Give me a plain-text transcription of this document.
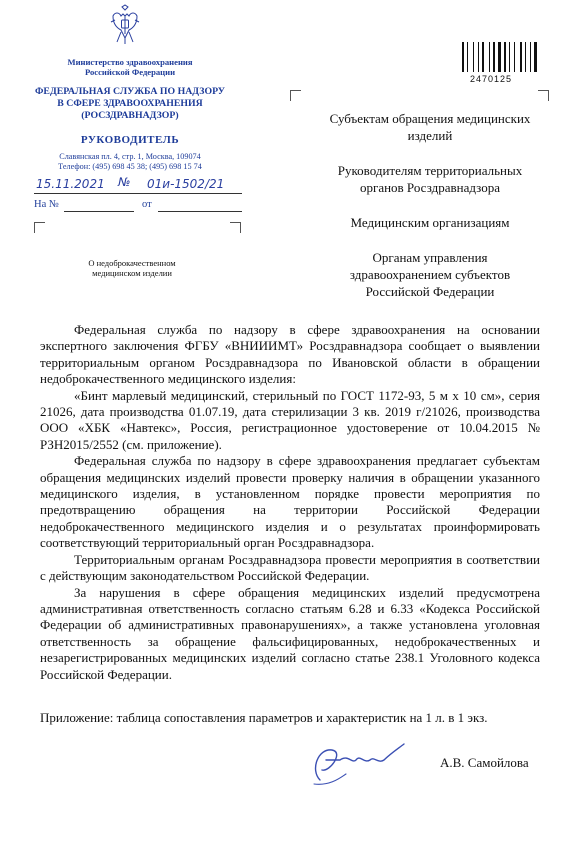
Министерство здравоохранения
Российской Федерации
ФЕДЕРАЛЬНАЯ СЛУЖБА ПО НАДЗОРУ
В СФЕРЕ ЗДРАВООХРАНЕНИЯ
(РОСЗДРАВНАДЗОР)
РУКОВОДИТЕЛЬ
Славянская пл. 4, стр. 1, Москва, 109074
Телефон: (495) 698 45 38; (495) 698 15 74
15.11.2021 № 01и-1502/21
На №	от
О недоброкачественном
медицинском изделии
2470125

Субъектам обращения медицинских изделий

Руководителям территориальных органов Росздравнадзора

Медицинским организациям

Органам управления здравоохранением субъектов Российской Федерации

Федеральная служба по надзору в сфере здравоохранения на основании экспертного заключения ФГБУ «ВНИИИМТ» Росздравнадзора сообщает о выявлении территориальным органом Росздравнадзора по Ивановской области в обращении недоброкачественного медицинского изделия:

«Бинт марлевый медицинский, стерильный по ГОСТ 1172-93, 5 м х 10 см», серия 21026, дата производства 01.07.19, дата стерилизации 3 кв. 2019 г/21026, производства ООО «ХБК «Навтекс», Россия, регистрационное удостоверение от 10.04.2015 № РЗН2015/2552 (см. приложение).

Федеральная служба по надзору в сфере здравоохранения предлагает субъектам обращения медицинских изделий провести проверку наличия в обращении указанного медицинского изделия, в установленном порядке провести мероприятия по предотвращению обращения на территории Российской Федерации недоброкачественного медицинского изделия и о результатах проинформировать соответствующий территориальный орган Росздравнадзора.

Территориальным органам Росздравнадзора провести мероприятия в соответствии с действующим законодательством Российской Федерации.

За нарушения в сфере обращения медицинских изделий предусмотрена административная ответственность согласно статьям 6.28 и 6.33 «Кодекса Российской Федерации об административных правонарушениях», а также установлена уголовная ответственность за обращение фальсифицированных, недоброкачественных и незарегистрированных медицинских изделий согласно статье 238.1 Уголовного кодекса Российской Федерации.

Приложение: таблица сопоставления параметров и характеристик на 1 л. в 1 экз.
А.В. Самойлова
